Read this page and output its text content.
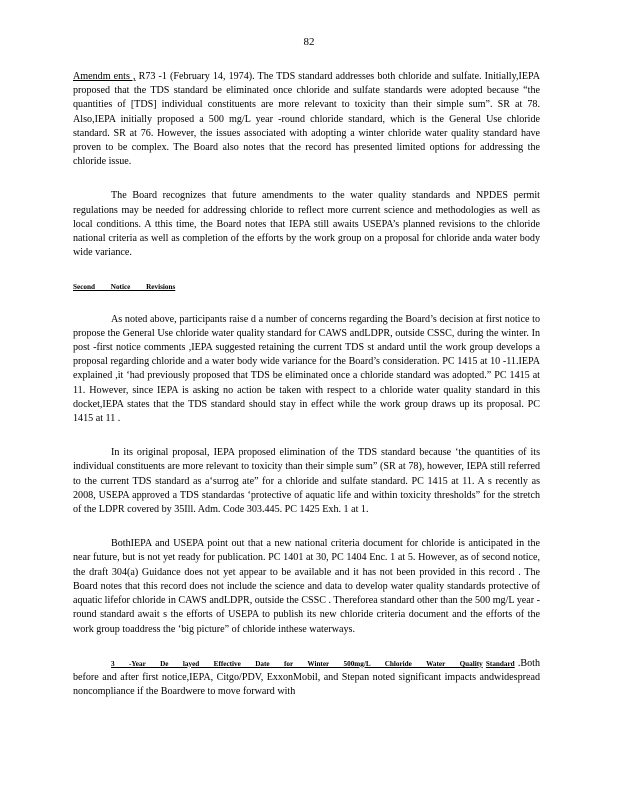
82

Amendm ents , R73 -1 (February 14, 1974). The TDS standard addresses both chloride and sulfate. Initially,IEPA proposed that the TDS standard be eliminated once chloride and sulfate standards were adopted because “the quantities of [TDS] individual constituents are more relevant to toxicity than their simple sum”. SR at 78. Also,IEPA initially proposed a 500 mg/L year -round chloride standard, which is the General Use chloride standard. SR at 76. However, the issues associated with adopting a winter chloride water quality standard have proven to be complex. The Board also notes that the record has presented limited options for addressing the chloride issue.

The Board recognizes that future amendments to the water quality standards and NPDES permit regulations may be needed for addressing chloride to reflect more current science and methodologies as well as local conditions. A tthis time, the Board notes that IEPA still awaits USEPA’s planned revisions to the chloride national criteria as well as completion of the efforts by the work group on a proposal for chloride anda water body wide variance.

Second Notice Revisions

As noted above, participants raise d a number of concerns regarding the Board’s decision at first notice to propose the General Use chloride water quality standard for CAWS andLDPR, outside CSSC, during the winter. In post -first notice comments ,IEPA suggested retaining the current TDS st andard until the work group develops a proposal regarding chloride and a water body wide variance for the Board’s consideration. PC 1415 at 10 -11.IEPA explained ,it ‘had previously proposed that TDS be eliminated once a chloride standard was adopted.” PC 1415 at 11. However, since IEPA is asking no action be taken with respect to a chloride water quality standard in this docket,IEPA states that the TDS standard should stay in effect while the work group draws up its proposal. PC 1415 at 11 .

In its original proposal, IEPA proposed elimination of the TDS standard because ‘the quantities of its individual constituents are more relevant to toxicity than their simple sum” (SR at 78), however, IEPA still referred to the current TDS standard as a‘surrog ate” for a chloride and sulfate standard. PC 1415 at 11. A s recently as 2008, USEPA approved a TDS standardas ‘protective of aquatic life and within toxicity thresholds” for the stretch of the LDPR covered by 35Ill. Adm. Code 303.445. PC 1425 Exh. 1 at 1.

BothIEPA and USEPA point out that a new national criteria document for chloride is anticipated in the near future, but is not yet ready for publication. PC 1401 at 30, PC 1404 Enc. 1 at 5. However, as of second notice, the draft 304(a) Guidance does not yet appear to be available and it has not been provided in this record . The Board notes that this record does not include the science and data to develop water quality standards protective of aquatic lifefor chloride in CAWS andLDPR, outside the CSSC . Thereforea standard other than the 500 mg/L year -round standard await s the efforts of USEPA to publish its new chloride criteria document and the efforts of the work group toaddress the ‘big picture” of chloride inthese waterways.

3 -Year De layed Effective Date for Winter 500mg/L Chloride Water Quality Standard .Both before and after first notice,IEPA, Citgo/PDV, ExxonMobil, and Stepan noted significant impacts andwidespread noncompliance if the Boardwere to move forward with
